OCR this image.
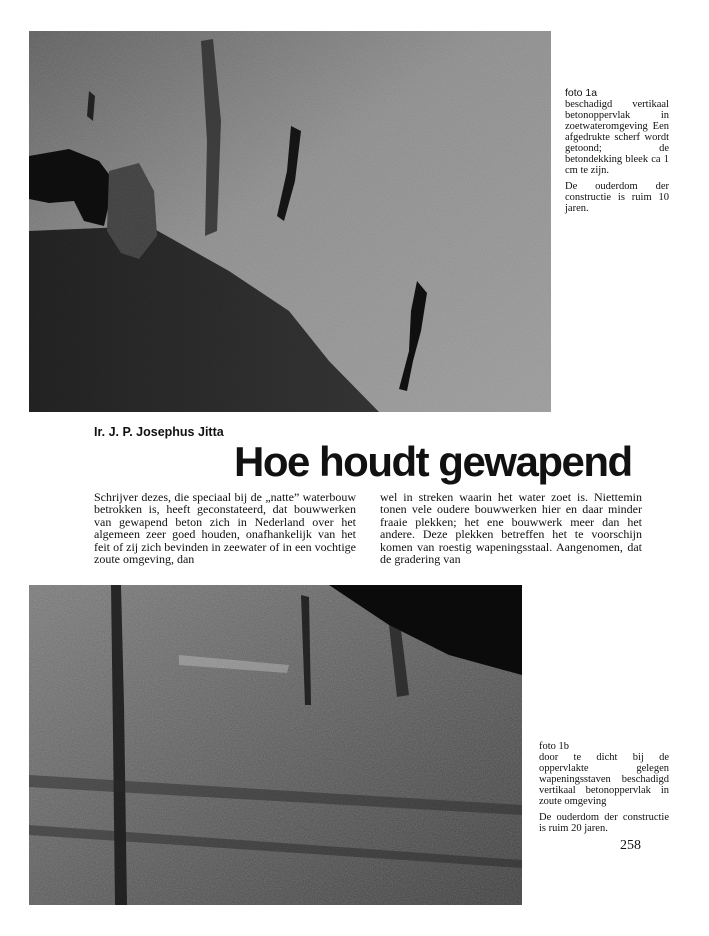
foto 1a

beschadigd vertikaal betonoppervlak in zoetwateromgeving Een afgedrukte scherf wordt getoond; de betondekking bleek ca 1 cm te zijn.

De ouderdom der constructie is ruim 10 jaren.

Ir. J. P. Josephus Jitta
Hoe houdt gewapend

Schrijver dezes, die speciaal bij de „natte” waterbouw betrokken is, heeft geconstateerd, dat bouwwerken van gewapend beton zich in Nederland over het algemeen zeer goed houden, onafhankelijk van het feit of zij zich bevinden in zeewater of in een vochtige zoute omgeving, dan

wel in streken waarin het water zoet is. Niettemin tonen vele oudere bouwwerken hier en daar minder fraaie plekken; het ene bouwwerk meer dan het andere. Deze plekken betreffen het te voorschijn komen van roestig wapeningsstaal. Aangenomen, dat de gradering van

foto 1b

door te dicht bij de oppervlakte gelegen wapeningsstaven beschadigd vertikaal betonoppervlak in zoute omgeving

De ouderdom der constructie is ruim 20 jaren.

258
